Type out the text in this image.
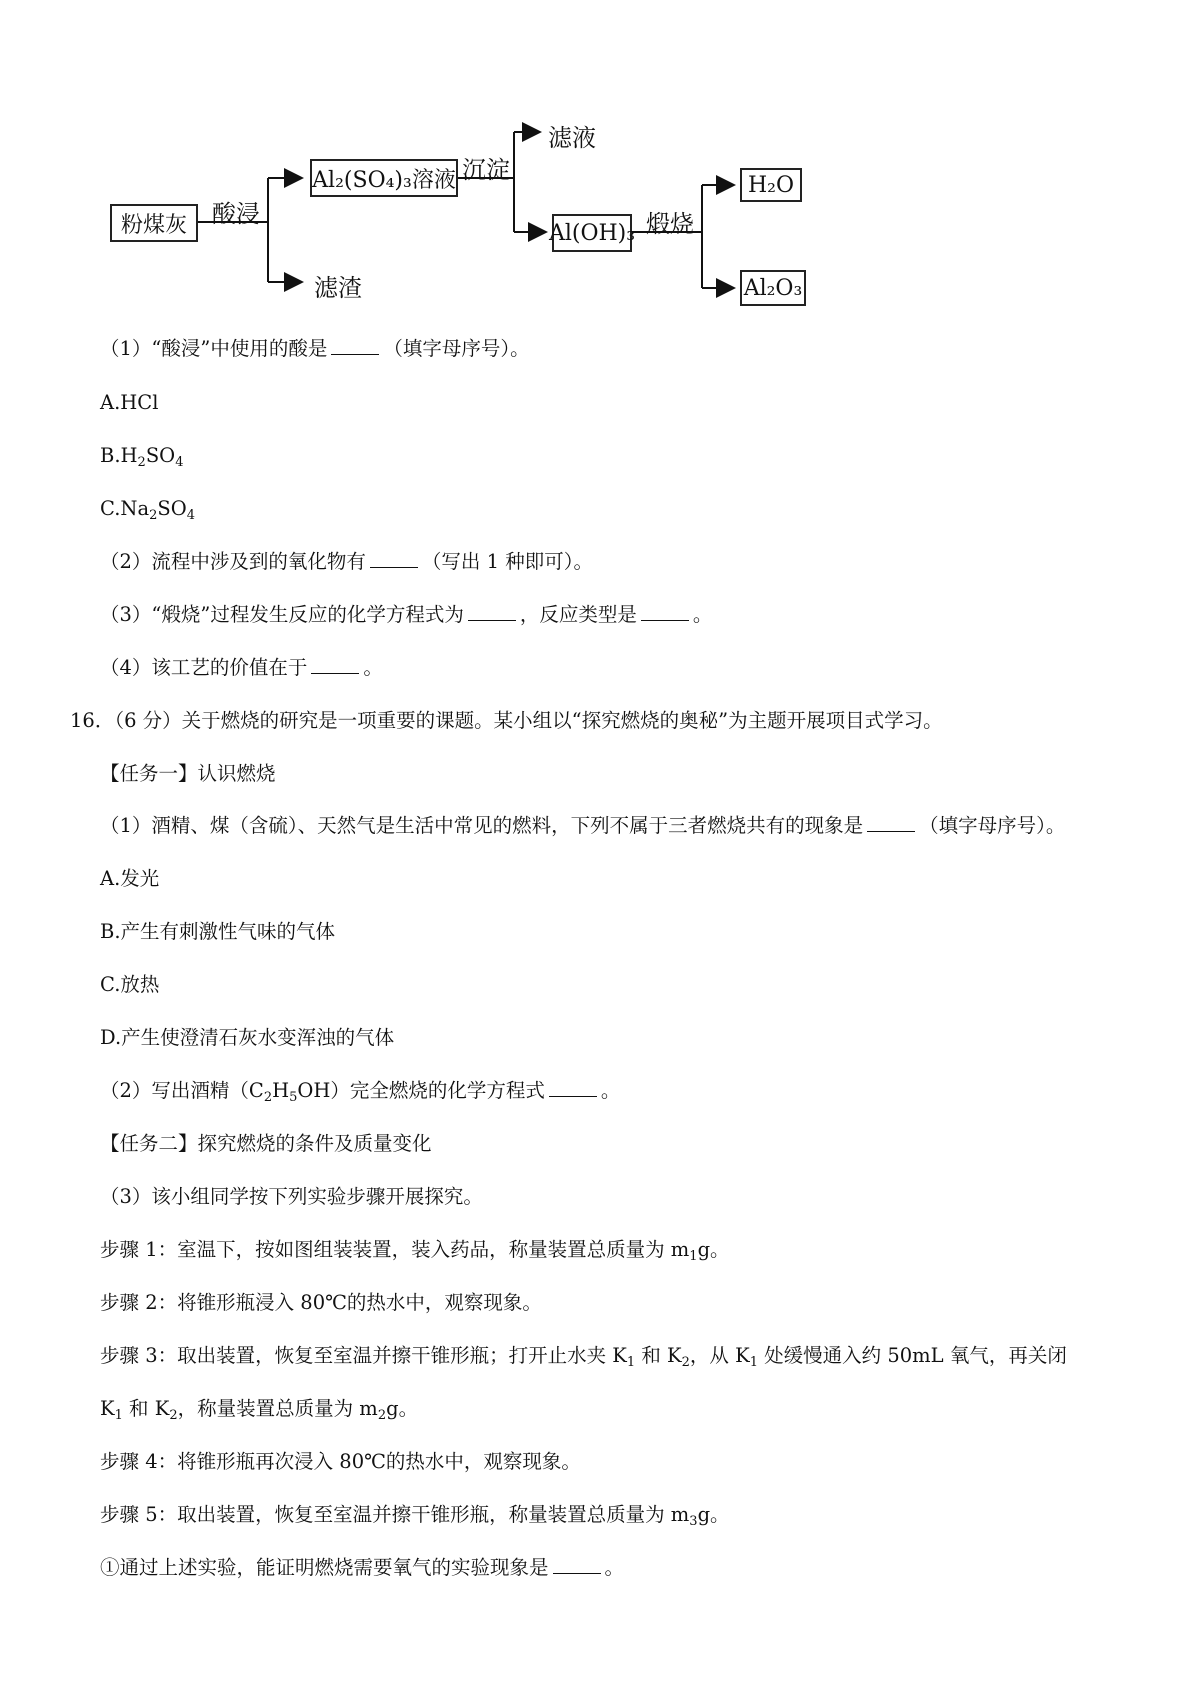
粉煤灰
Al₂(SO₄)₃溶液
Al(OH)₃
H₂O
Al₂O₃
滤液
滤渣
酸浸
沉淀
煅烧
（1）“酸浸”中使用的酸是	（填字母序号）。
A.HCl
$B.H_2SO_4$
$C.Na_2SO_4$
（2）流程中涉及到的氧化物有	（写出 1 种即可）。
（3）“煅烧”过程发生反应的化学方程式为	，反应类型是	。
（4）该工艺的价值在于	。
16．（6 分）关于燃烧的研究是一项重要的课题。某小组以“探究燃烧的奥秘”为主题开展项目式学习。
【任务一】认识燃烧
（1）酒精、煤（含硫）、天然气是生活中常见的燃料，下列不属于三者燃烧共有的现象是	（填字母序号）。
A.发光
B.产生有刺激性气味的气体
C.放热
D.产生使澄清石灰水变浑浊的气体
（2）写出酒精$(C_2H_5OH)$完全燃烧的化学方程式	。
【任务二】探究燃烧的条件及质量变化
（3）该小组同学按下列实验步骤开展探究。
步骤 1：室温下，按如图组装装置，装入药品，称量装置总质量为 $m_1g$。
步骤 2：将锥形瓶浸入 80℃的热水中，观察现象。
步骤 3：取出装置，恢复至室温并擦干锥形瓶；打开止水夹 $K_1$ 和 $K_2$，从 $K_1$ 处缓慢通入约 50mL 氧气，再关闭
$K_1$ 和 $K_2$，称量装置总质量为 $m_2g$。
步骤 4：将锥形瓶再次浸入 80℃的热水中，观察现象。
步骤 5：取出装置，恢复至室温并擦干锥形瓶，称量装置总质量为 $m_3g$。
①通过上述实验，能证明燃烧需要氧气的实验现象是	。
